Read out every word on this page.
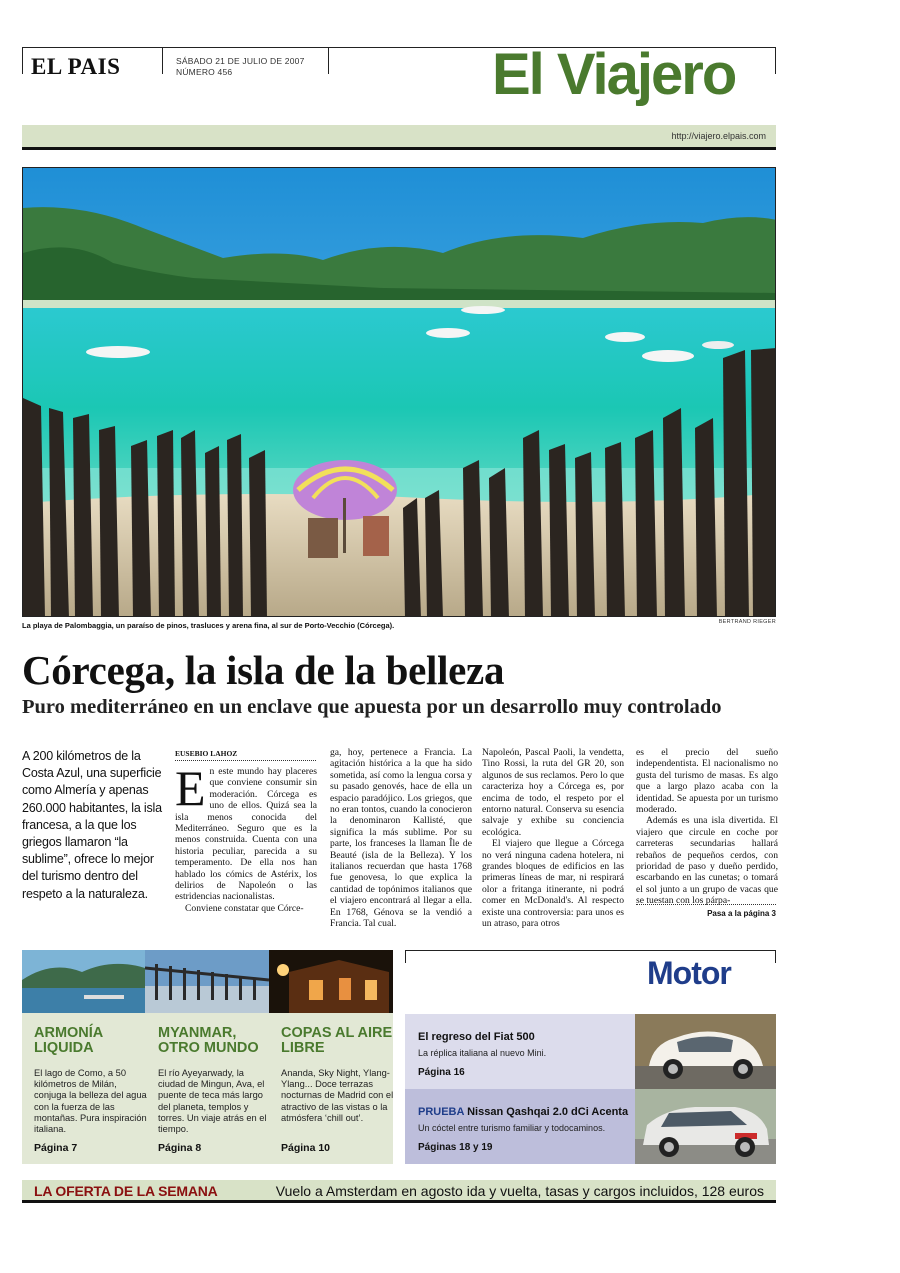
EL PAIS	SÁBADO 21 DE JULIO DE 2007
NÚMERO 456	El Viajero
http://viajero.elpais.com
La playa de Palombaggia, un paraíso de pinos, trasluces y arena fina, al sur de Porto-Vecchio (Córcega).	BERTRAND RIEGER
Córcega, la isla de la belleza
Puro mediterráneo en un enclave que apuesta por un desarrollo muy controlado
A 200 kilómetros de la Costa Azul, una superficie como Almería y apenas 260.000 habitantes, la isla francesa, a la que los griegos llamaron “la sublime”, ofrece lo mejor del turismo dentro del respeto a la naturaleza.
EUSEBIO LAHOZ

En este mundo hay placeres que conviene consumir sin moderación. Córcega es uno de ellos. Quizá sea la isla menos conocida del Mediterráneo. Seguro que es la menos construida. Cuenta con una historia peculiar, parecida a su temperamento. De ella nos han hablado los cómics de Astérix, los delirios de Napoleón o las estridencias nacionalistas.

Conviene constatar que Córce-

ga, hoy, pertenece a Francia. La agitación histórica a la que ha sido sometida, así como la lengua corsa y su pasado genovés, hace de ella un espacio paradójico. Los griegos, que no eran tontos, cuando la conocieron la denominaron Kallisté, que significa la más sublime. Por su parte, los franceses la llaman Île de Beauté (isla de la Belleza). Y los italianos recuerdan que hasta 1768 fue genovesa, lo que explica la cantidad de topónimos italianos que el viajero encontrará al llegar a ella. En 1768, Génova se la vendió a Francia. Tal cual.

Napoleón, Pascal Paoli, la vendetta, Tino Rossi, la ruta del GR 20, son algunos de sus reclamos. Pero lo que caracteriza hoy a Córcega es, por encima de todo, el respeto por el entorno natural. Conserva su esencia salvaje y exhibe su conciencia ecológica.

El viajero que llegue a Córcega no verá ninguna cadena hotelera, ni grandes bloques de edificios en las primeras líneas de mar, ni respirará olor a fritanga itinerante, ni podrá comer en McDonald's. Al respecto existe una controversia: para unos es un atraso, para otros

es el precio del sueño independentista. El nacionalismo no gusta del turismo de masas. Es algo que a largo plazo acaba con la identidad. Se apuesta por un turismo moderado.

Además es una isla divertida. El viajero que circule en coche por carreteras secundarias hallará rebaños de pequeños cerdos, con prioridad de paso y dueño perdido, escarbando en las cunetas; o tomará el sol junto a un grupo de vacas que se tuestan con los párpa-

Pasa a la página 3
ARMONÍA LIQUIDA
El lago de Como, a 50 kilómetros de Milán, conjuga la belleza del agua con la fuerza de las montañas. Pura inspiración italiana.
MYANMAR, OTRO MUNDO
El río Ayeyarwady, la ciudad de Mingun, Ava, el puente de teca más largo del planeta, templos y torres. Un viaje atrás en el tiempo.
COPAS AL AIRE LIBRE
Ananda, Sky Night, Ylang-Ylang... Doce terrazas nocturnas de Madrid con el atractivo de las vistas o la atmósfera ‘chill out’.
Página 7	Página 8	Página 10
Motor
El regreso del Fiat 500
La réplica italiana al nuevo Mini.
Página 16
PRUEBA Nissan Qashqai 2.0 dCi Acenta
Un cóctel entre turismo familiar y todocaminos.
Páginas 18 y 19
LA OFERTA DE LA SEMANA	Vuelo a Amsterdam en agosto ida y vuelta, tasas y cargos incluidos, 128 euros
